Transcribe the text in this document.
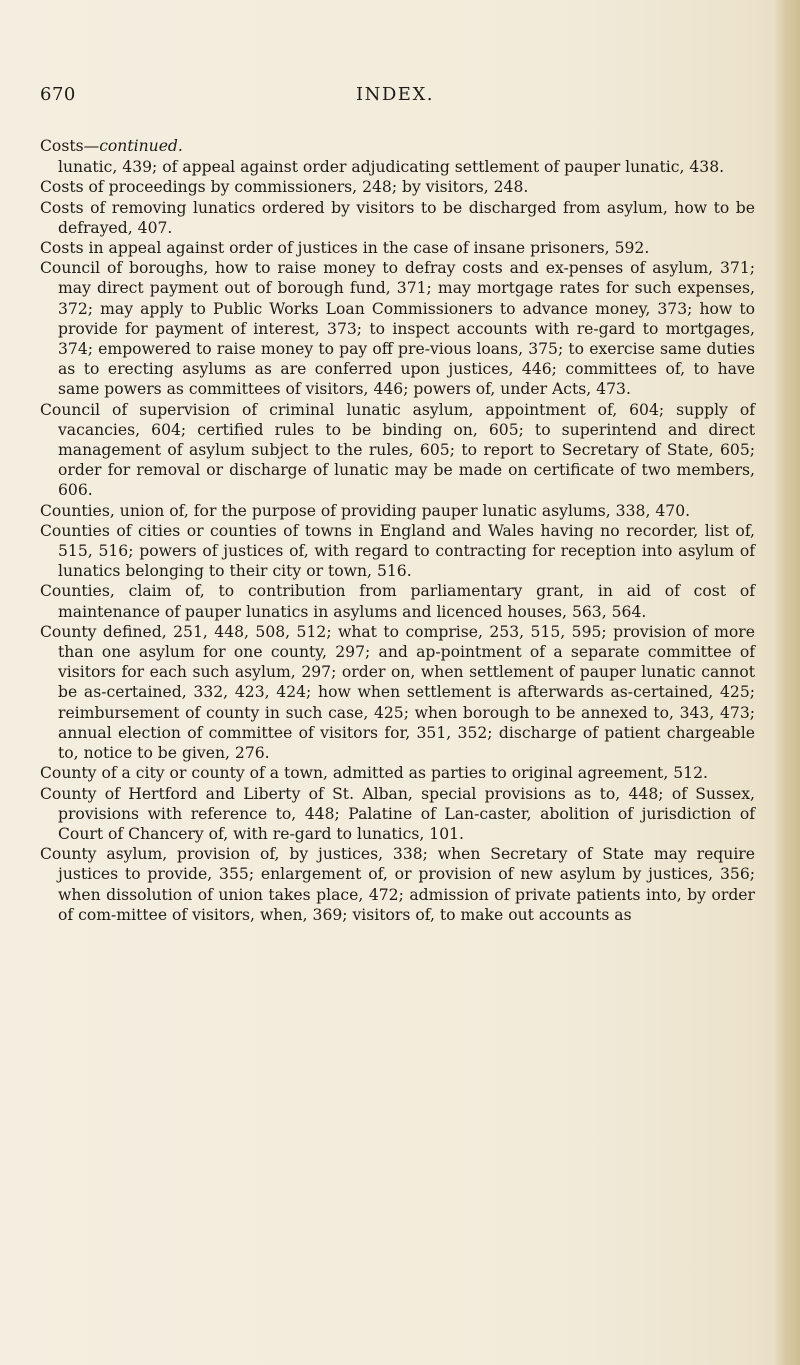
INDEX.
670

Costs—continued.

lunatic, 439; of appeal against order adjudicating settlement of pauper lunatic, 438.

Costs of proceedings by commissioners, 248; by visitors, 248.

Costs of removing lunatics ordered by visitors to be discharged from asylum, how to be defrayed, 407.

Costs in appeal against order of justices in the case of insane prisoners, 592.

Council of boroughs, how to raise money to defray costs and ex-penses of asylum, 371; may direct payment out of borough fund, 371; may mortgage rates for such expenses, 372; may apply to Public Works Loan Commissioners to advance money, 373; how to provide for payment of interest, 373; to inspect accounts with re-gard to mortgages, 374; empowered to raise money to pay off pre-vious loans, 375; to exercise same duties as to erecting asylums as are conferred upon justices, 446; committees of, to have same powers as committees of visitors, 446; powers of, under Acts, 473.

Council of supervision of criminal lunatic asylum, appointment of, 604; supply of vacancies, 604; certified rules to be binding on, 605; to superintend and direct management of asylum subject to the rules, 605; to report to Secretary of State, 605; order for removal or discharge of lunatic may be made on certificate of two members, 606.

Counties, union of, for the purpose of providing pauper lunatic asylums, 338, 470.

Counties of cities or counties of towns in England and Wales having no recorder, list of, 515, 516; powers of justices of, with regard to contracting for reception into asylum of lunatics belonging to their city or town, 516.

Counties, claim of, to contribution from parliamentary grant, in aid of cost of maintenance of pauper lunatics in asylums and licenced houses, 563, 564.

County defined, 251, 448, 508, 512; what to comprise, 253, 515, 595; provision of more than one asylum for one county, 297; and ap-pointment of a separate committee of visitors for each such asylum, 297; order on, when settlement of pauper lunatic cannot be as-certained, 332, 423, 424; how when settlement is afterwards as-certained, 425; reimbursement of county in such case, 425; when borough to be annexed to, 343, 473; annual election of committee of visitors for, 351, 352; discharge of patient chargeable to, notice to be given, 276.

County of a city or county of a town, admitted as parties to original agreement, 512.

County of Hertford and Liberty of St. Alban, special provisions as to, 448; of Sussex, provisions with reference to, 448; Palatine of Lan-caster, abolition of jurisdiction of Court of Chancery of, with re-gard to lunatics, 101.

County asylum, provision of, by justices, 338; when Secretary of State may require justices to provide, 355; enlargement of, or provision of new asylum by justices, 356; when dissolution of union takes place, 472; admission of private patients into, by order of com-mittee of visitors, when, 369; visitors of, to make out accounts as
